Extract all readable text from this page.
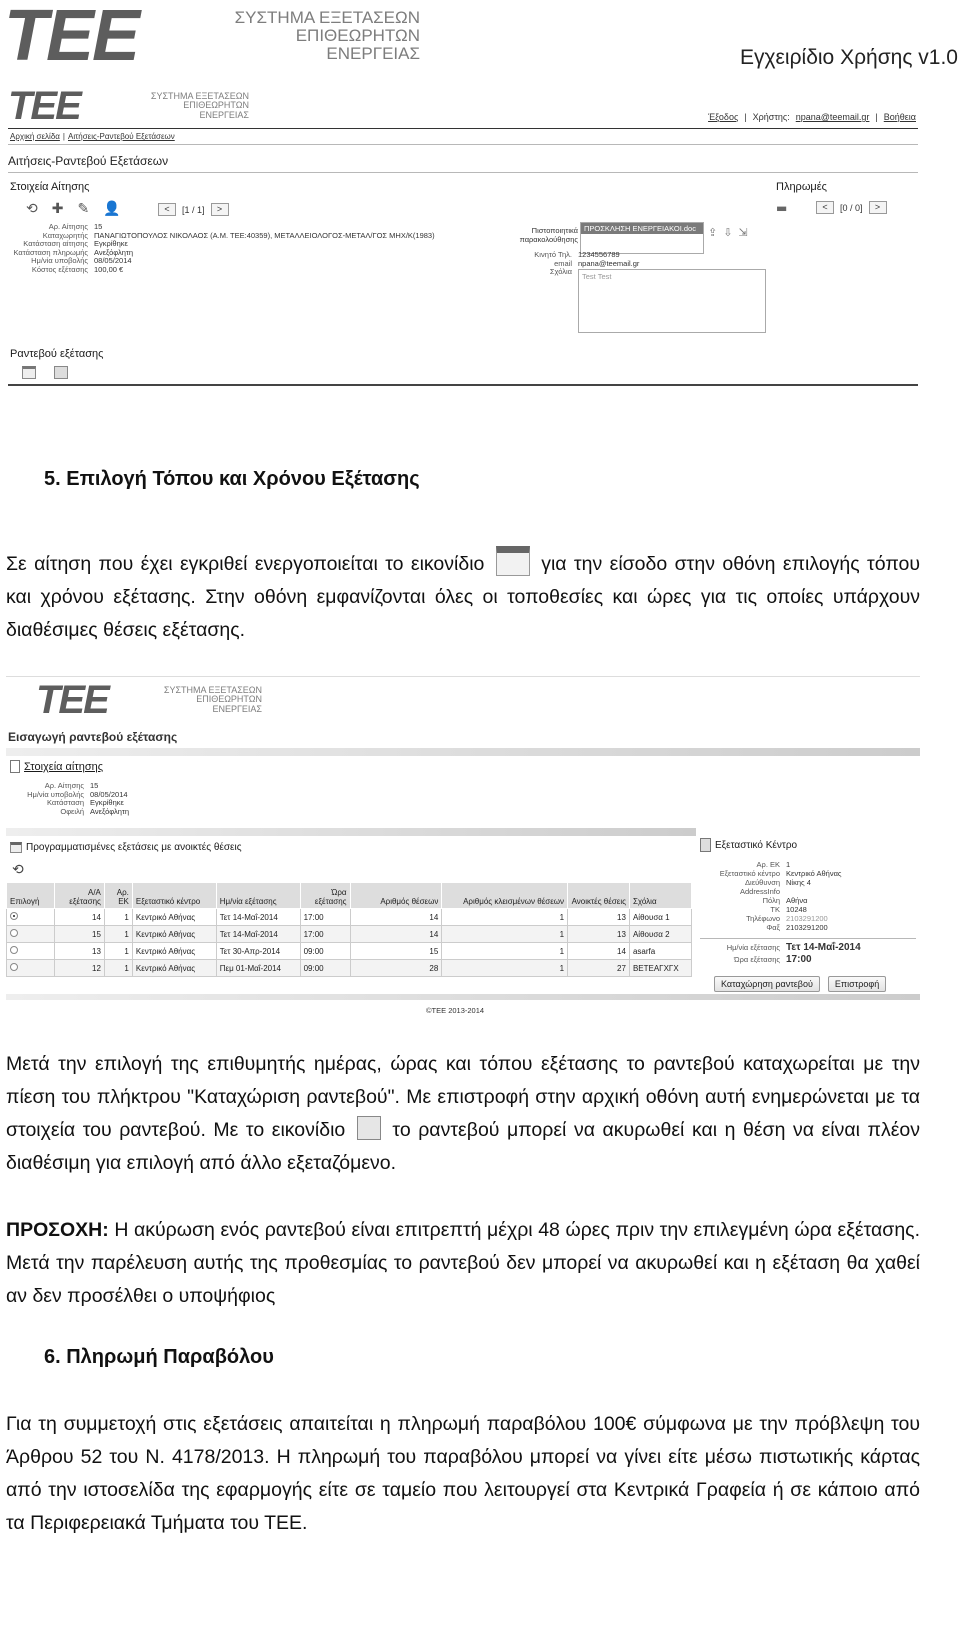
ΤΕΕ	ΣΥΣΤΗΜΑ ΕΞΕΤΑΣΕΩΝ
ΕΠΙΘΕΩΡΗΤΩΝ
ΕΝΕΡΓΕΙΑΣ	Εγχειρίδιο Χρήσης v1.0
ΤΕΕ	ΣΥΣΤΗΜΑ ΕΞΕΤΑΣΕΩΝ
ΕΠΙΘΕΩΡΗΤΩΝ
ΕΝΕΡΓΕΙΑΣ	Έξοδος | Χρήστης: npana@teemail.gr | Βοήθεια
Αρχική σελίδα | Αιτήσεις-Ραντεβού Εξετάσεων
Αιτήσεις-Ραντεβού Εξετάσεων
Στοιχεία Αίτησης	Πληρωμές
⟲ ✚ ✎ 👤	<	[1 / 1]	>	▬	<	[0 / 0]	>
Αρ. Αίτησης 15
Καταχωρητής ΠΑΝΑΓΙΩΤΟΠΟΥΛΟΣ ΝΙΚΟΛΑΟΣ (Α.Μ. ΤΕΕ:40359), ΜΕΤΑΛΛΕΙΟΛΟΓΟΣ-ΜΕΤΑΛ/ΓΟΣ ΜΗΧ/Κ(1983)
Κατάσταση αίτησης Εγκρίθηκε
Κατάσταση πληρωμής Ανεξόφλητη
Ημ/νία υποβολής 08/05/2014
Κόστος εξέτασης 100,00 €
Πιστοποιητικά παρακολούθησης
ΠΡΟΣΚΛΗΣΗ ΕΝΕΡΓΕΙΑΚΟΙ.doc	⇪ ⇩ ⇲
Κινητό Τηλ. 1234556789
email npana@teemail.gr
Σχόλια
Test Test
Ραντεβού εξέτασης
5. Επιλογή Τόπου και Χρόνου Εξέτασης
Σε αίτηση που έχει εγκριθεί ενεργοποιείται το εικονίδιο	για την είσοδο στην οθόνη επιλογής τόπου και χρόνου εξέτασης. Στην οθόνη εμφανίζονται όλες οι τοποθεσίες και ώρες για τις οποίες υπάρχουν διαθέσιμες θέσεις εξέτασης.
ΤΕΕ	ΣΥΣΤΗΜΑ ΕΞΕΤΑΣΕΩΝ
ΕΠΙΘΕΩΡΗΤΩΝ
ΕΝΕΡΓΕΙΑΣ
Εισαγωγή ραντεβού εξέτασης
Στοιχεία αίτησης
Αρ. Αίτησης 15
Ημ/νία υποβολής 08/05/2014
Κατάσταση Εγκρίθηκε
Οφειλή Ανεξόφλητη
Προγραμματισμένες εξετάσεις με ανοικτές θέσεις
⟲
Επιλογή	Α/Α εξέτασης	Αρ. ΕΚ	Εξεταστικό κέντρο	Ημ/νία εξέτασης	Ώρα εξέτασης	Αριθμός θέσεων	Αριθμός κλεισμένων θέσεων	Ανοικτές θέσεις	Σχόλια
	14	1	Κεντρικό Αθήνας	Τετ 14-Μαΐ-2014	17:00	14	1	13	Αίθουσα 1
	15	1	Κεντρικό Αθήνας	Τετ 14-Μαΐ-2014	17:00	14	1	13	Αίθουσα 2
	13	1	Κεντρικό Αθήνας	Τετ 30-Απρ-2014	09:00	15	1	14	asarfa
	12	1	Κεντρικό Αθήνας	Πεμ 01-Μαΐ-2014	09:00	28	1	27	ΒΕΤΕΑΓΧΓΧ
Εξεταστικό Κέντρο
Αρ. ΕΚ 1
Εξεταστικό κέντρο Κεντρικό Αθήνας
Διεύθυνση Νίκης 4
AddressInfo
Πόλη Αθήνα
ΤΚ 10248
Τηλέφωνο 2103291200
Φαξ 2103291200
Ημ/νία εξέτασης Τετ 14-Μαΐ-2014
Ώρα εξέτασης 17:00
Καταχώρηση ραντεβού	Επιστροφή
©ΤΕΕ 2013-2014
Μετά την επιλογή της επιθυμητής ημέρας, ώρας και τόπου εξέτασης το ραντεβού καταχωρείται με την πίεση του πλήκτρου "Καταχώριση ραντεβού". Με επιστροφή στην αρχική οθόνη αυτή ενημερώνεται με τα στοιχεία του ραντεβού. Με το εικονίδιο το ραντεβού μπορεί να ακυρωθεί και η θέση να είναι πλέον διαθέσιμη για επιλογή από άλλο εξεταζόμενο.
ΠΡΟΣΟΧΗ: Η ακύρωση ενός ραντεβού είναι επιτρεπτή μέχρι 48 ώρες πριν την επιλεγμένη ώρα εξέτασης. Μετά την παρέλευση αυτής της προθεσμίας το ραντεβού δεν μπορεί να ακυρωθεί και η εξέταση θα χαθεί αν δεν προσέλθει ο υποψήφιος
6. Πληρωμή Παραβόλου
Για τη συμμετοχή στις εξετάσεις απαιτείται η πληρωμή παραβόλου 100€ σύμφωνα με την πρόβλεψη του Άρθρου 52 του Ν. 4178/2013. Η πληρωμή του παραβόλου μπορεί να γίνει είτε μέσω πιστωτικής κάρτας από την ιστοσελίδα της εφαρμογής είτε σε ταμείο που λειτουργεί στα Κεντρικά Γραφεία ή σε κάποιο από τα Περιφερειακά Τμήματα του ΤΕΕ.
